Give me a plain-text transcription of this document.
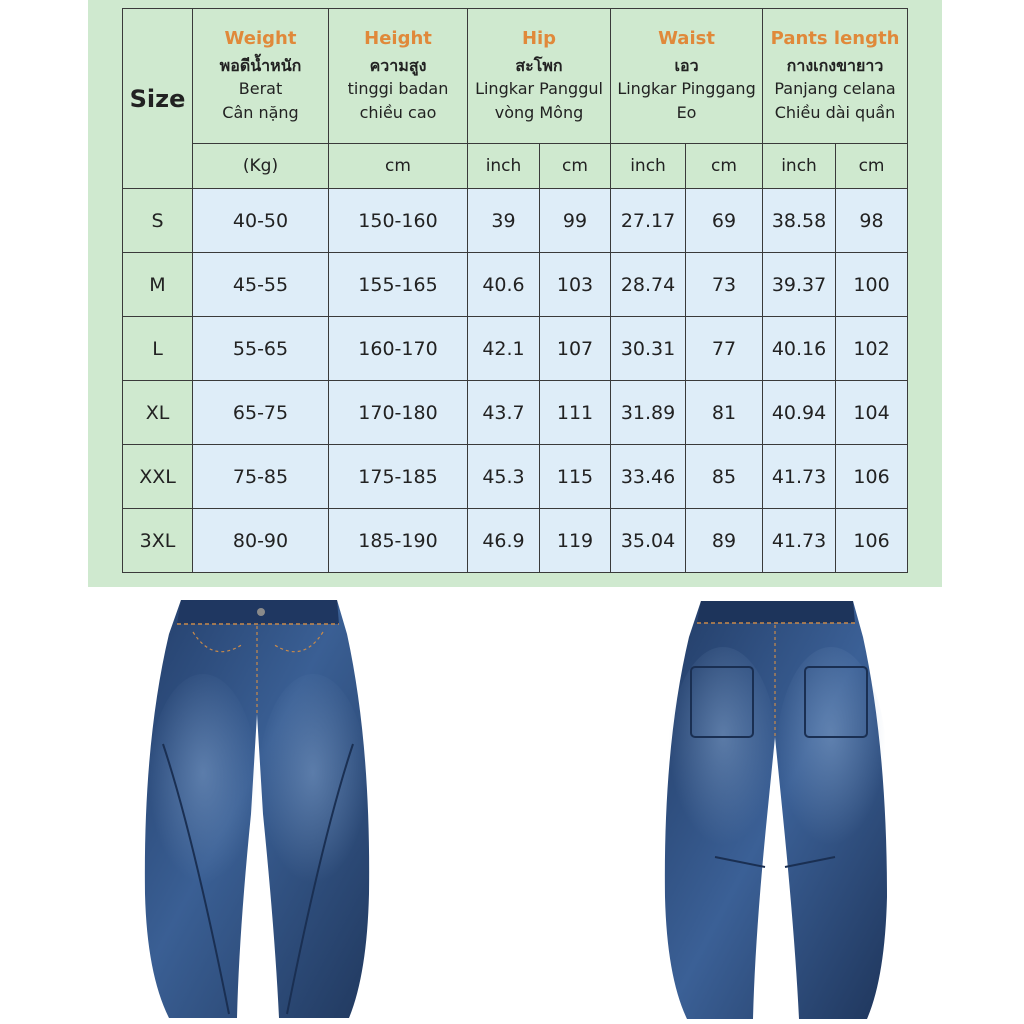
Size	Weight
พอดีน้ำหนัก
Berat
Cân nặng	Height
ความสูง
tinggi badan
chiều cao	Hip
สะโพก
Lingkar Panggul
vòng Mông		Waist
เอว
Lingkar Pinggang
Eo		Pants length
กางเกงขายาว
Panjang celana
Chiều dài quần	

	(Kg)	cm	inch	cm	inch	cm	inch	cm
S	40-50	150-160	39	99	27.17	69	38.58	98
M	45-55	155-165	40.6	103	28.74	73	39.37	100
L	55-65	160-170	42.1	107	30.31	77	40.16	102
XL	65-75	170-180	43.7	111	31.89	81	40.94	104
XXL	75-85	175-185	45.3	115	33.46	85	41.73	106
3XL	80-90	185-190	46.9	119	35.04	89	41.73	106
